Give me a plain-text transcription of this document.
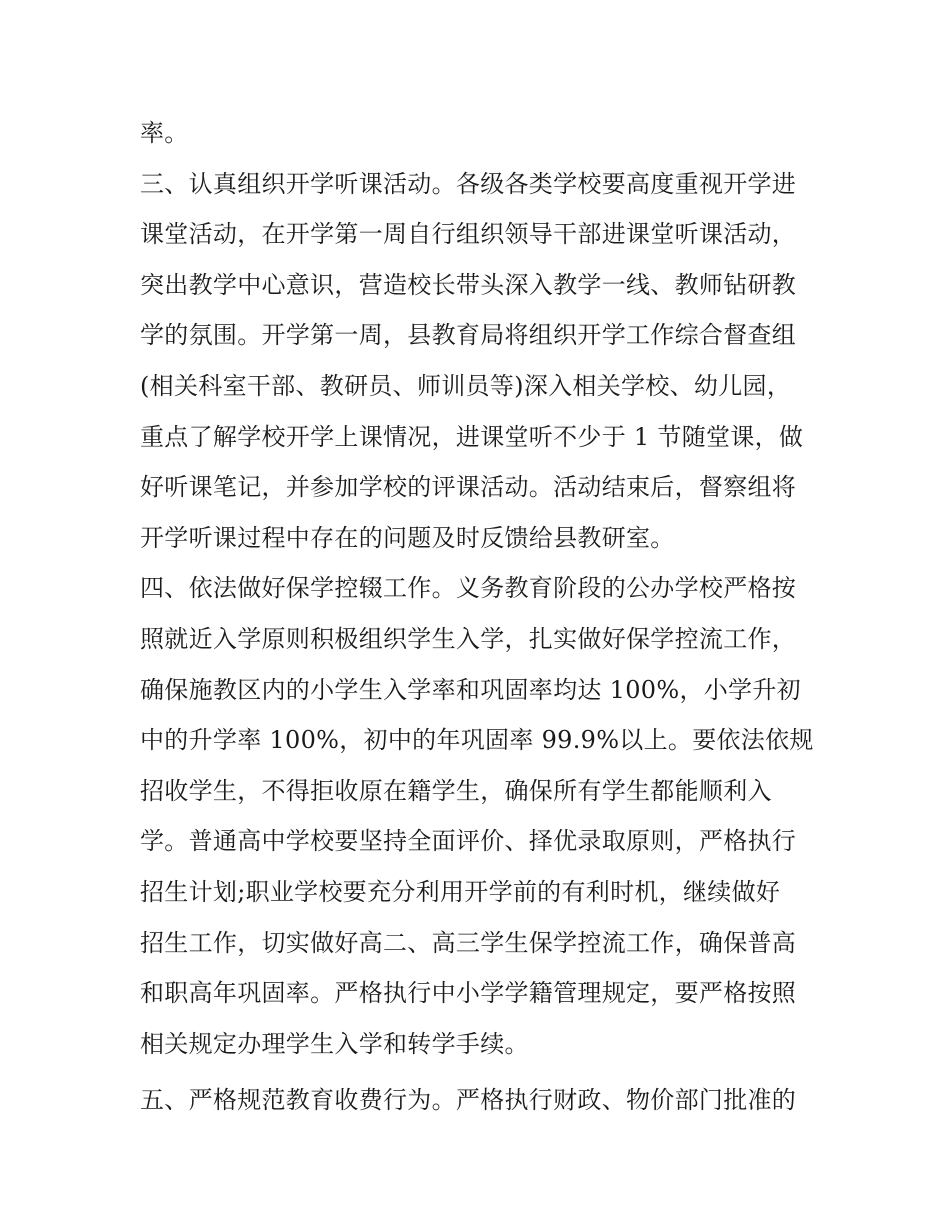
率。
三、认真组织开学听课活动。各级各类学校要高度重视开学进
课堂活动，在开学第一周自行组织领导干部进课堂听课活动，
突出教学中心意识，营造校长带头深入教学一线、教师钻研教
学的氛围。开学第一周，县教育局将组织开学工作综合督查组
(相关科室干部、教研员、师训员等)深入相关学校、幼儿园，
重点了解学校开学上课情况，进课堂听不少于 1 节随堂课，做
好听课笔记，并参加学校的评课活动。活动结束后，督察组将
开学听课过程中存在的问题及时反馈给县教研室。
四、依法做好保学控辍工作。义务教育阶段的公办学校严格按
照就近入学原则积极组织学生入学，扎实做好保学控流工作，
确保施教区内的小学生入学率和巩固率均达 100%，小学升初
中的升学率 100%，初中的年巩固率 99.9%以上。要依法依规
招收学生，不得拒收原在籍学生，确保所有学生都能顺利入
学。普通高中学校要坚持全面评价、择优录取原则，严格执行
招生计划;职业学校要充分利用开学前的有利时机，继续做好
招生工作，切实做好高二、高三学生保学控流工作，确保普高
和职高年巩固率。严格执行中小学学籍管理规定，要严格按照
相关规定办理学生入学和转学手续。
五、严格规范教育收费行为。严格执行财政、物价部门批准的
